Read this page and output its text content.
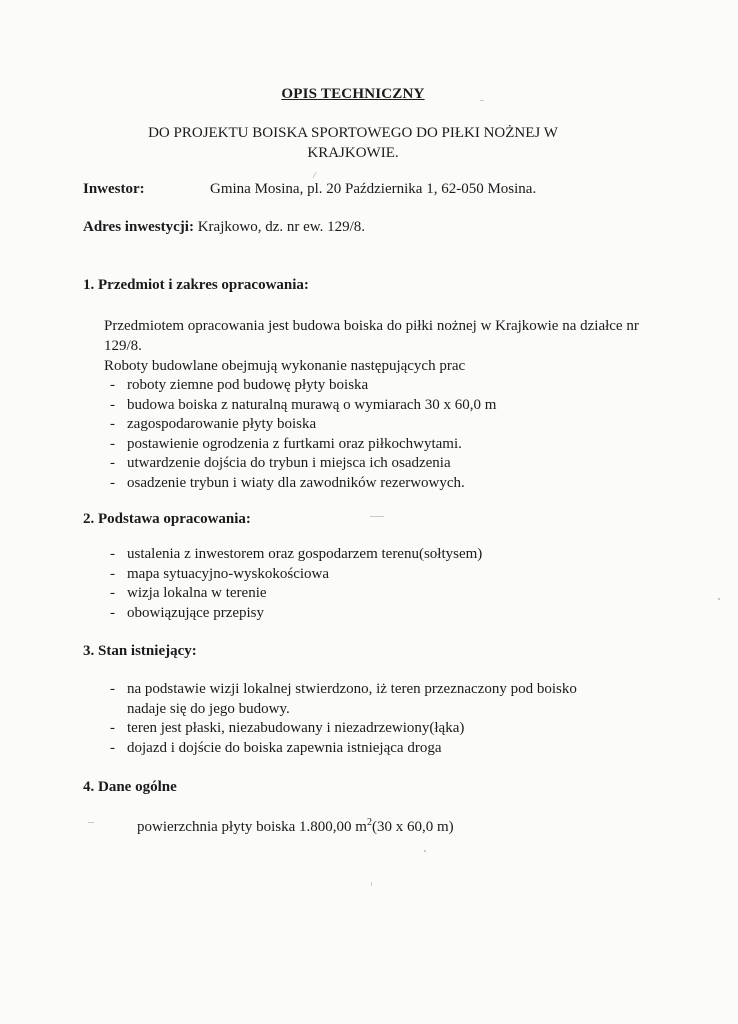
OPIS TECHNICZNY
DO PROJEKTU BOISKA SPORTOWEGO DO PIŁKI NOŻNEJ W KRAJKOWIE.
Inwestor:	Gmina Mosina, pl. 20 Października 1, 62-050 Mosina.
Adres inwestycji: Krajkowo, dz. nr ew. 129/8.
1. Przedmiot i zakres opracowania:
Przedmiotem opracowania jest budowa boiska do piłki nożnej w Krajkowie na działce nr 129/8.
Roboty budowlane obejmują wykonanie następujących prac
- roboty ziemne pod budowę płyty boiska
- budowa boiska z naturalną murawą o wymiarach 30 x 60,0 m
- zagospodarowanie płyty boiska
- postawienie ogrodzenia z furtkami oraz piłkochwytami.
- utwardzenie dojścia do trybun i miejsca ich osadzenia
- osadzenie trybun i wiaty dla zawodników rezerwowych.
2. Podstawa opracowania:
- ustalenia z inwestorem oraz gospodarzem terenu(sołtysem)
- mapa sytuacyjno-wyskokościowa
- wizja lokalna w terenie
- obowiązujące przepisy
3. Stan istniejący:
- na podstawie wizji lokalnej stwierdzono, iż teren przeznaczony pod boisko nadaje się do jego budowy.
- teren jest płaski, niezabudowany i niezadrzewiony(łąka)
- dojazd i dojście do boiska zapewnia istniejąca droga
4. Dane ogólne
powierzchnia płyty boiska 1.800,00 $m^2(30$ x 60,0 m)
